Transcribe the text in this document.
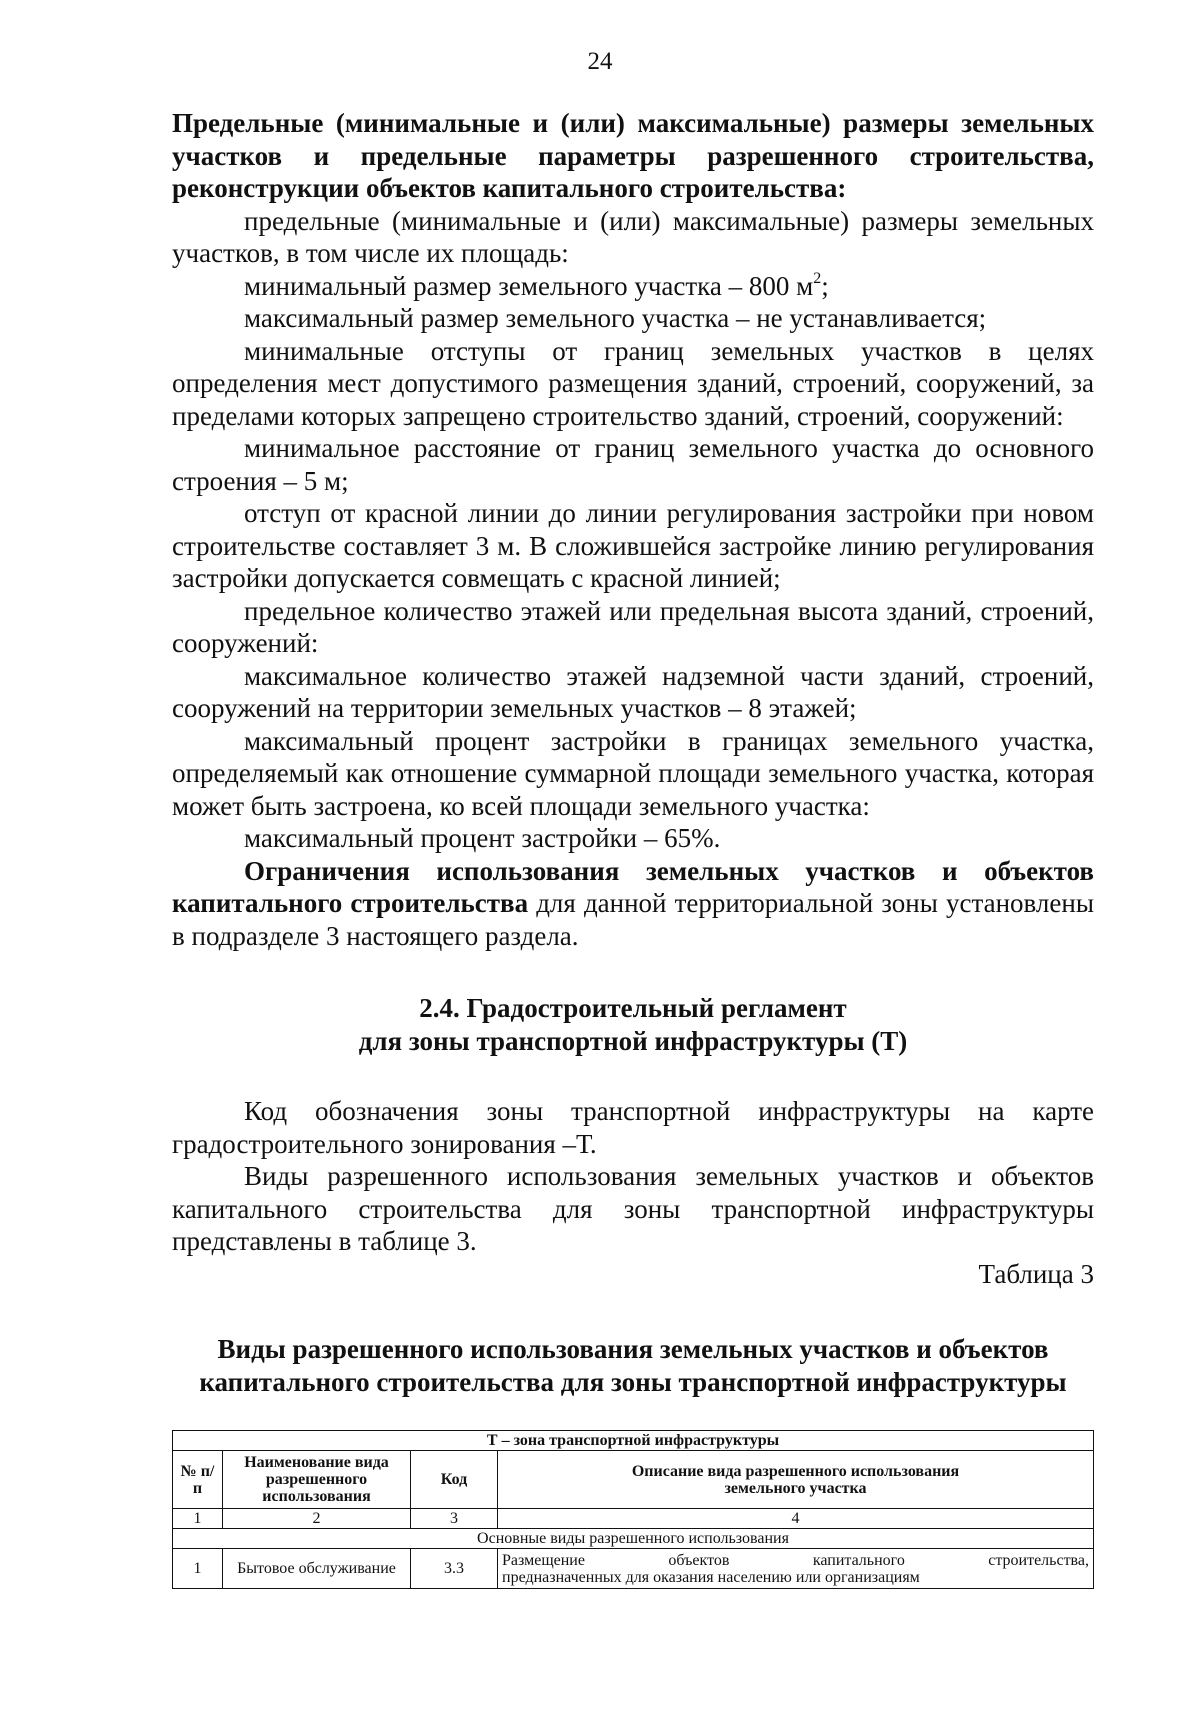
24

Предельные (минимальные и (или) максимальные) размеры земельных участков и предельные параметры разрешенного строительства, реконструкции объектов капитального строительства:

предельные (минимальные и (или) максимальные) размеры земельных участков, в том числе их площадь:

минимальный размер земельного участка – 800 $м^2$;

максимальный размер земельного участка – не устанавливается;

минимальные отступы от границ земельных участков в целях определения мест допустимого размещения зданий, строений, сооружений, за пределами которых запрещено строительство зданий, строений, сооружений:

минимальное расстояние от границ земельного участка до основного строения – 5 м;

отступ от красной линии до линии регулирования застройки при новом строительстве составляет 3 м. В сложившейся застройке линию регулирования застройки допускается совмещать с красной линией;

предельное количество этажей или предельная высота зданий, строений, сооружений:

максимальное количество этажей надземной части зданий, строений, сооружений на территории земельных участков – 8 этажей;

максимальный процент застройки в границах земельного участка, определяемый как отношение суммарной площади земельного участка, которая может быть застроена, ко всей площади земельного участка:

максимальный процент застройки – 65%.

Ограничения использования земельных участков и объектов капитального строительства для данной территориальной зоны установлены в подразделе 3 настоящего раздела.

2.4. Градостроительный регламент

для зоны транспортной инфраструктуры (Т)

Код обозначения зоны транспортной инфраструктуры на карте градостроительного зонирования –Т.

Виды разрешенного использования земельных участков и объектов капитального строительства для зоны транспортной инфраструктуры представлены в таблице 3.

Таблица 3

Виды разрешенного использования земельных участков и объектов

капитального строительства для зоны транспортной инфраструктуры

Т – зона транспортной инфраструктуры			
№ п/п	Наименование вида разрешенного использования	Код	Описание вида разрешенного использования земельного участка
1	2	3	4
Основные виды разрешенного использования			
1	Бытовое обслуживание	3.3	Размещение объектов капитального строительства,
предназначенных для оказания населению или организациям
